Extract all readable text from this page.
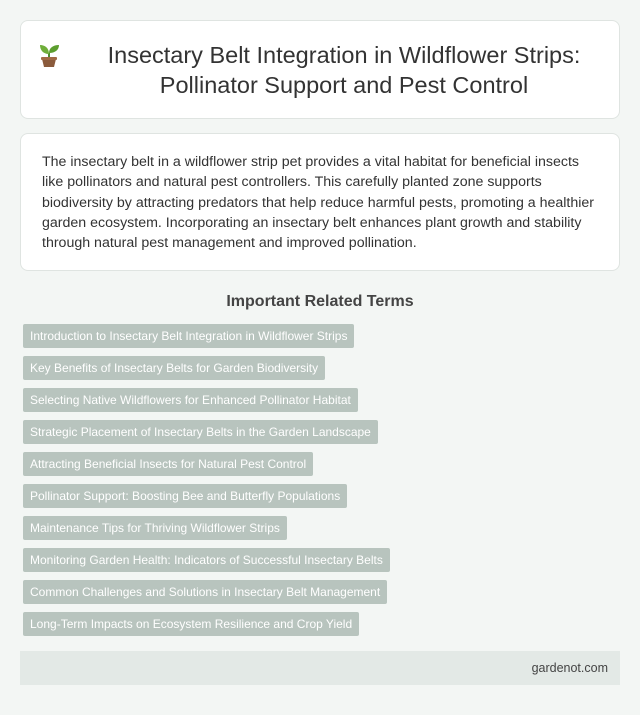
Insectary Belt Integration in Wildflower Strips: Pollinator Support and Pest Control

The insectary belt in a wildflower strip pet provides a vital habitat for beneficial insects like pollinators and natural pest controllers. This carefully planted zone supports biodiversity by attracting predators that help reduce harmful pests, promoting a healthier garden ecosystem. Incorporating an insectary belt enhances plant growth and stability through natural pest management and improved pollination.

Important Related Terms
Introduction to Insectary Belt Integration in Wildflower Strips
Key Benefits of Insectary Belts for Garden Biodiversity
Selecting Native Wildflowers for Enhanced Pollinator Habitat
Strategic Placement of Insectary Belts in the Garden Landscape
Attracting Beneficial Insects for Natural Pest Control
Pollinator Support: Boosting Bee and Butterfly Populations
Maintenance Tips for Thriving Wildflower Strips
Monitoring Garden Health: Indicators of Successful Insectary Belts
Common Challenges and Solutions in Insectary Belt Management
Long-Term Impacts on Ecosystem Resilience and Crop Yield
gardenot.com
